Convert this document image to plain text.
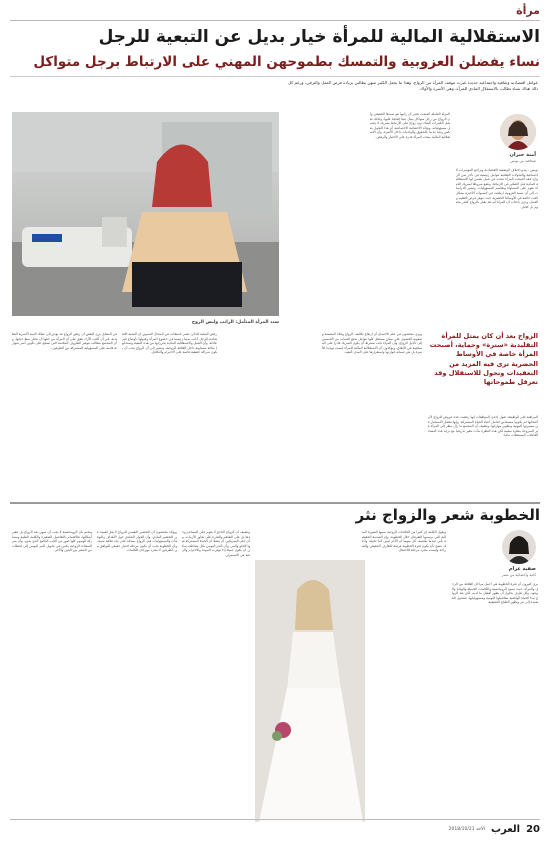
مرأة
الاستقلالية المالية للمرأة خيار بديل عن التبعية للرجل
نساء يفضلن العزوبية والتمسك بطموحهن المهني على الارتباط برجل متواكل
عوامل اقتصادية وثقافية واجتماعية جديدة غيرت موقف المرأة من الزواج، وهذا ما يجعل الكثير منهن يطالبن بزيادة فرص العمل والترقي، ورغم كل ذلك هناك نساء تطالب بالاستقلال المادي للمرأة، وهي الأسرة والأولاد.
سند المرأة المتأمل: الراتب وليس الزوج
آمنة جبران
صحافية من تونس
تونس - يبدو اختلاف الوضعية الاقتصادية وتراجع المؤشرات الاجتماعية والتحولات الثقافية عوامل رئيسية في تأخر سن الزواج، فقد أصبحت المرأة تبحث عن عمل يضمن لها الاستقلالية المادية قبل التفكير في الارتباط، وتضع شروطا لشريك الحياة تقوم على المساواة وتقاسم المسؤوليات، وتشير الدراسات إلى أن نسبة العزوبية ارتفعت في السنوات الأخيرة بشكل لافت خاصة في الأوساط الحضرية حيث تتوفر فرص التعليم والعمل، وترى باحثات أن المرأة لم تعد تقبل بالزواج كقدر محتوم بل كخيار.
المرأة العاملة أصبحت تعتبر أن راتبها هو سندها الحقيقي وأن الزواج من رجل متواكل يمثل عبئا إضافيا عليها، ولذلك تفضل الكثيرات البقاء دون زواج على الارتباط بشريك لا يتحمل مسؤولياته، وتؤكد الأخصائية الاجتماعية أن هذا التحول يعكس وعيا جديدا بالحقوق والواجبات داخل الأسرة، وأن الاستقلالية المالية منحت المرأة قدرة على الاختيار والرفض.
الزواج بعد أن كان يمثل للمرأة التقليدية «سترة» وحماية، أصبحت المرأة خاصة في الأوساط الحضرية ترى فيه المزيد من التعقيدات وتحول للاستقلال وقد تعرقل طموحاتها
المراهنة على الوظيفة: تقول إحدى الموظفات إنها رفضت عدة عروض للزواج لأن أصحابها لم يكونوا مستعدين لتحمل أعباء الحياة المشتركة، وإنها تفضل الاستثمار في مسيرتها المهنية وتطوير مهاراتها، وتضيف أن المجتمع ما زال ينظر إلى المرأة غير المتزوجة بنظرة سلبية لكن هذه النظرة بدأت تتغير تدريجيا مع تزايد عدد النساء العاملات المستقلات ماديا.
ويرى مختصون في علم الاجتماع أن ارتفاع تكاليف الزواج وغلاء المعيشة وصعوبة الحصول على سكن مستقل كلها عوامل تدفع الشباب من الجنسين إلى تأجيل الزواج، وأن المرأة باتت تشترط أن يكون الشريك قادرا على المساهمة في الإنفاق، ويؤكدون أن الاستقلالية المالية للمرأة ليست تهديدا للأسرة بل هي ضمانة لتوازنها واستقرارها على المدى البعيد.
رفض التبعية للذكر: تعتبر ناشطات في المجال النسوي أن التبعية الاقتصادية للرجل كانت سببا رئيسيا في خضوع المرأة وقبولها بأوضاع غير عادلة، وأن العمل والاستقلالية المادية يحررانها من هذه التبعية ويمنحانها مكانة متساوية داخل العلاقة الزوجية، وتشير إلى أن الزواج يجب أن يكون شراكة حقيقية قائمة على الاحترام والتكافل.
في المقابل يرى البعض أن رفض الزواج قد يؤدي إلى تفكك البنية الأسرية التقليدية، غير أن أغلب الآراء تتفق على أن المرأة من حقها أن تختار نمط حياتها، وأن المجتمع مطالب بتوفير الظروف الملائمة التي تشجع على تكوين أسر متوازنة قائمة على المسؤولية المشتركة بين الطرفين.
الخطوبة شعر والزواج نثر
صفية عزام
كاتبة وأخصائية من مصر
يرى كثيرون أن فترة الخطوبة هي أجمل مراحل العلاقة بين الرجل والمرأة، حيث تسود الرومانسية والكلمات الجميلة والهدايا والوعود، وكل طرف يحاول أن يظهر أفضل ما لديه، لكن بعد الزواج تبدأ الحياة الواقعية بتفاصيلها اليومية ومسؤولياتها، فتتحول القصيدة إلى نثر وتظهر الطباع الحقيقية.
وتقول الكاتبة إن كثيرا من الخلافات الزوجية سببها الصورة المثالية التي يرسمها الطرفان خلال الخطوبة، وإن الصدمة الحقيقية تأتي عندما يكتشف كل منهما أن الآخر ليس كما تخيله، ولذلك تنصح بأن تكون فترة الخطوبة فرصة للتعارف الحقيقي والصراحة وليست مجرد مرحلة للاحتفال.
وتضيف أن الزواج الناجح لا يقوم على المشاعر وحدها بل على التفاهم والقدرة على تجاوز الأزمات، وأن على الشريكين أن يتقبلا أن الحياة المشتركة فيها الحلو والمر، وأن النثر اليومي بكل بساطته يمكن أن يكون جميلا إذا توفرت المودة والاحترام والرغبة في الاستمرار.
ويؤكد مختصون أن التحضير النفسي للزواج لا يقل أهمية عن التحضير المادي، وأن الحوار الصادق حول الأهداف والتوقعات والمسؤوليات قبل الزواج يساعد على بناء علاقة متينة، وأن الخطوبة يجب أن تكون مرحلة اختبار حقيقي للتوافق بين الطرفين لا مجرد مهرجان للكلمات.
وتختم بأن الرومانسية لا يجب أن تنتهي بعد الزواج بل تتغير أشكالها، فالاهتمام بالتفاصيل الصغيرة والكلمة الطيبة ومشاركة الهموم كلها صور من الحب الناضج الذي يدوم، وأن سر السعادة الزوجية يكمن في تحويل النثر اليومي إلى لحظات من الشعر بين الحين والآخر.
20
العرب
الأحد 2018/10/21
